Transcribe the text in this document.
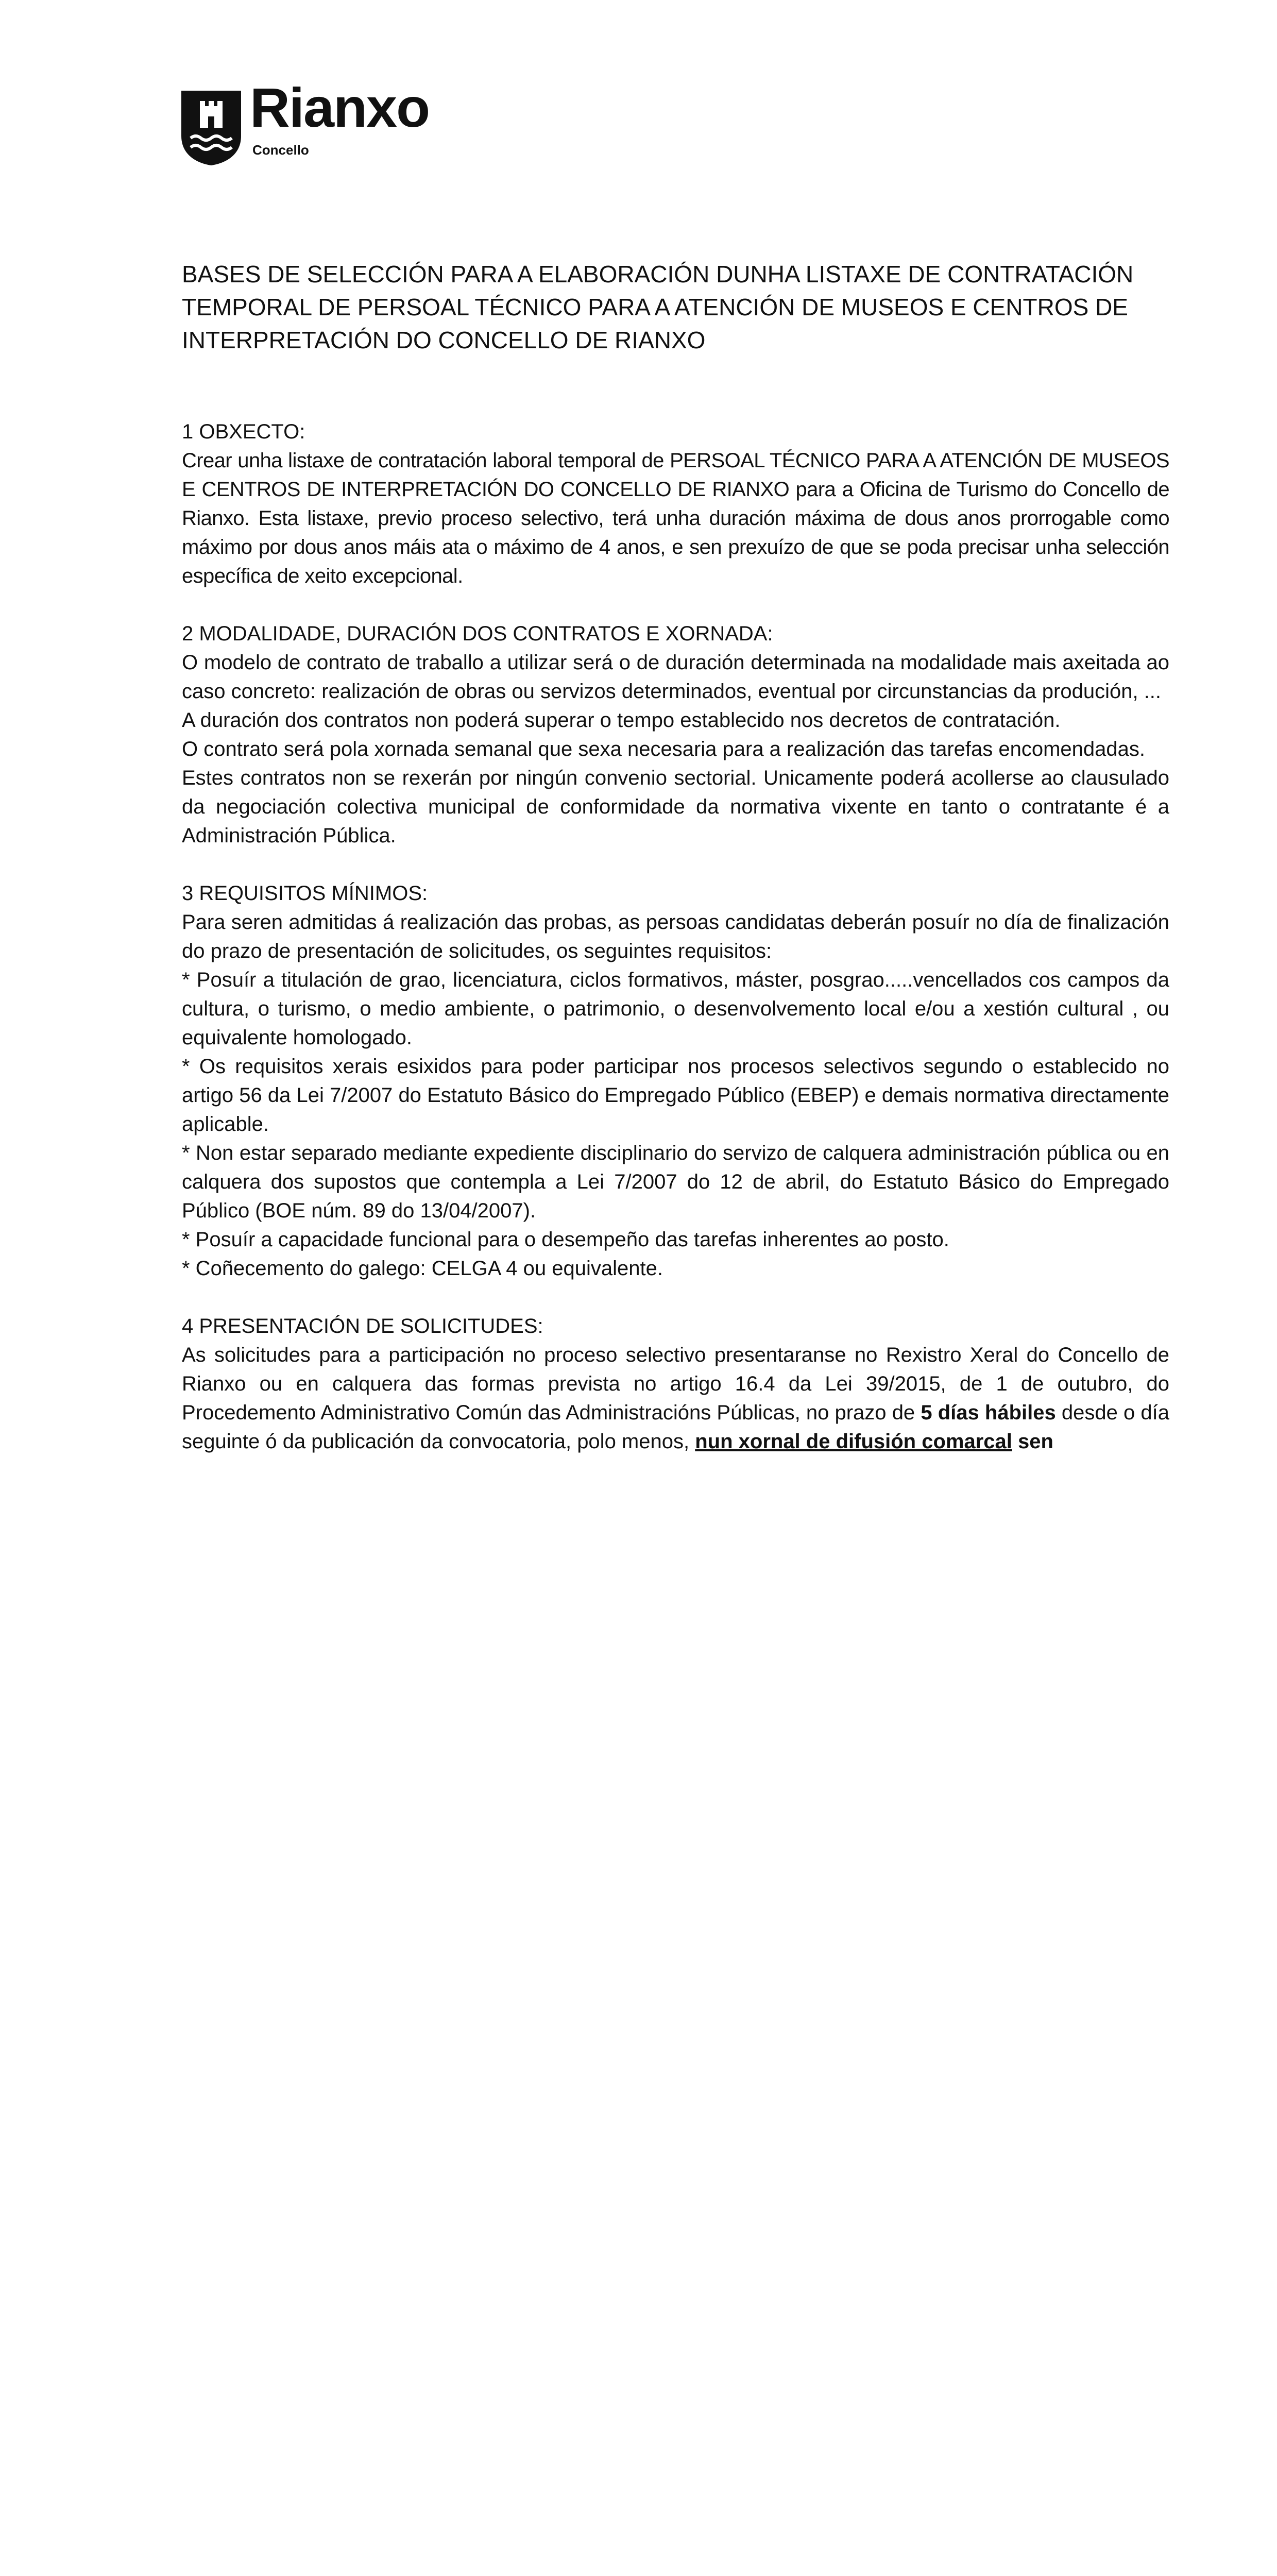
Rianxo
Concello
BASES DE SELECCIÓN PARA A ELABORACIÓN DUNHA LISTAXE DE CONTRATACIÓN TEMPORAL DE PERSOAL TÉCNICO PARA A ATENCIÓN DE MUSEOS E CENTROS DE INTERPRETACIÓN DO CONCELLO DE RIANXO
1 OBXECTO:

Crear unha listaxe de contratación laboral temporal de PERSOAL TÉCNICO PARA A ATENCIÓN DE MUSEOS E CENTROS DE INTERPRETACIÓN DO CONCELLO DE RIANXO para a Oficina de Turismo do Concello de Rianxo. Esta listaxe, previo proceso selectivo, terá unha duración máxima de dous anos prorrogable como máximo por dous anos máis ata o máximo de 4 anos, e sen prexuízo de que se poda precisar unha selección específica de xeito excepcional.

2 MODALIDADE, DURACIÓN DOS CONTRATOS E XORNADA:

O modelo de contrato de traballo a utilizar será o de duración determinada na modalidade mais axeitada ao caso concreto: realización de obras ou servizos determinados, eventual por circunstancias da produción, ...

A duración dos contratos non poderá superar o tempo establecido nos decretos de contratación.

O contrato será pola xornada semanal que sexa necesaria para a realización das tarefas encomendadas.

Estes contratos non se rexerán por ningún convenio sectorial. Unicamente poderá acollerse ao clausulado da negociación colectiva municipal de conformidade da normativa vixente en tanto o contratante é a Administración Pública.

3 REQUISITOS MÍNIMOS:

Para seren admitidas á realización das probas, as persoas candidatas deberán posuír no día de finalización do prazo de presentación de solicitudes, os seguintes requisitos:

* Posuír a titulación de grao, licenciatura, ciclos formativos, máster, posgrao.....vencellados cos campos da cultura, o turismo, o medio ambiente, o patrimonio, o desenvolvemento local e/ou a xestión cultural , ou equivalente homologado.

* Os requisitos xerais esixidos para poder participar nos procesos selectivos segundo o establecido no artigo 56 da Lei 7/2007 do Estatuto Básico do Empregado Público (EBEP) e demais normativa directamente aplicable.

* Non estar separado mediante expediente disciplinario do servizo de calquera administración pública ou en calquera dos supostos que contempla a Lei 7/2007 do 12 de abril, do Estatuto Básico do Empregado Público (BOE núm. 89 do 13/04/2007).

* Posuír a capacidade funcional para o desempeño das tarefas inherentes ao posto.

* Coñecemento do galego: CELGA 4 ou equivalente.

4 PRESENTACIÓN DE SOLICITUDES:

As solicitudes para a participación no proceso selectivo presentaranse no Rexistro Xeral do Concello de Rianxo ou en calquera das formas prevista no artigo 16.4 da Lei 39/2015, de 1 de outubro, do Procedemento Administrativo Común das Administracións Públicas, no prazo de 5 días hábiles desde o día seguinte ó da publicación da convocatoria, polo menos, nun xornal de difusión comarcal sen
